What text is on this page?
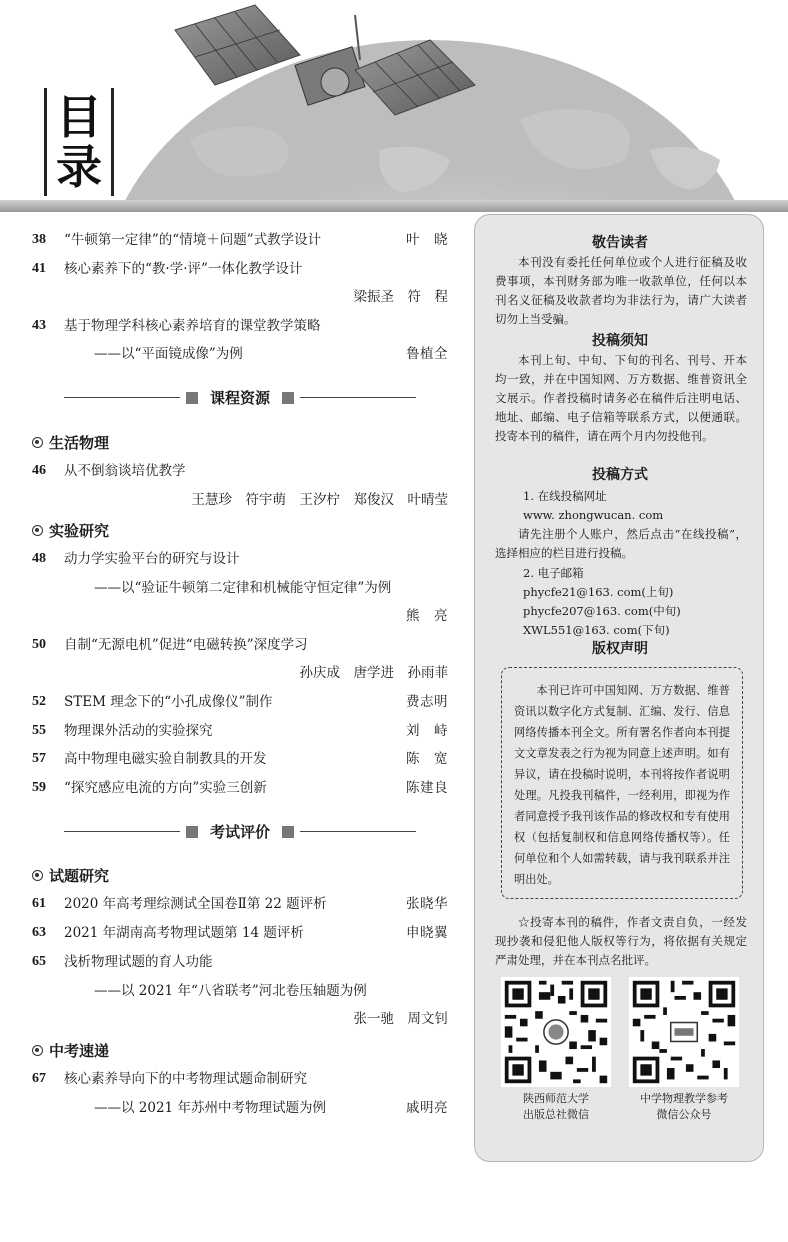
目
录
38 “牛顿第一定律”的“情境＋问题”式教学设计	叶　晓
41 核心素养下的“教·学·评”一体化教学设计
梁振圣　符　程
43 基于物理学科核心素养培育的课堂教学策略
——以“平面镜成像”为例	鲁植全
课程资源
生活物理
46 从不倒翁谈培优教学
王慧珍　符宇萌　王汐柠　郑俊汉　叶晴莹
实验研究
48 动力学实验平台的研究与设计
——以“验证牛顿第二定律和机械能守恒定律”为例
熊　亮
50 自制“无源电机”促进“电磁转换”深度学习
孙庆成　唐学进　孙雨菲
52 STEM 理念下的“小孔成像仪”制作	费志明
55 物理课外活动的实验探究	刘　峙
57 高中物理电磁实验自制教具的开发	陈　宽
59 “探究感应电流的方向”实验三创新	陈建良
考试评价
试题研究
61 2020 年高考理综测试全国卷Ⅱ第 22 题评析	张晓华
63 2021 年湖南高考物理试题第 14 题评析	申晓翼
65 浅析物理试题的育人功能
——以 2021 年“八省联考”河北卷压轴题为例
张一驰　周文钊
中考速递
67 核心素养导向下的中考物理试题命制研究
——以 2021 年苏州中考物理试题为例	戚明亮
敬告读者
本刊没有委托任何单位或个人进行征稿及收费事项，本刊财务部为唯一收款单位，任何以本刊名义征稿及收款者均为非法行为，请广大读者切勿上当受骗。
投稿须知
本刊上旬、中旬、下旬的刊名、刊号、开本均一致，并在中国知网、万方数据、维普资讯全文展示。作者投稿时请务必在稿件后注明电话、地址、邮编、电子信箱等联系方式，以便通联。投寄本刊的稿件，请在两个月内勿投他刊。
投稿方式
1. 在线投稿网址
www. zhongwucan. com
请先注册个人账户，然后点击“在线投稿”，选择相应的栏目进行投稿。
2. 电子邮箱
phycfe21@163. com(上旬)
phycfe207@163. com(中旬)
XWL551@163. com(下旬)
版权声明
本刊已许可中国知网、万方数据、维普资讯以数字化方式复制、汇编、发行、信息网络传播本刊全文。所有署名作者向本刊提文文章发表之行为视为同意上述声明。如有异议，请在投稿时说明，本刊将按作者说明处理。凡投我刊稿件，一经利用，即视为作者同意授予我刊该作品的修改权和专有使用权（包括复制权和信息网络传播权等）。任何单位和个人如需转载，请与我刊联系并注明出处。
☆投寄本刊的稿件，作者文责自负，一经发现抄袭和侵犯他人版权等行为，将依据有关规定严肃处理，并在本刊点名批评。
陕西师范大学
出版总社微信
中学物理教学参考
微信公众号
